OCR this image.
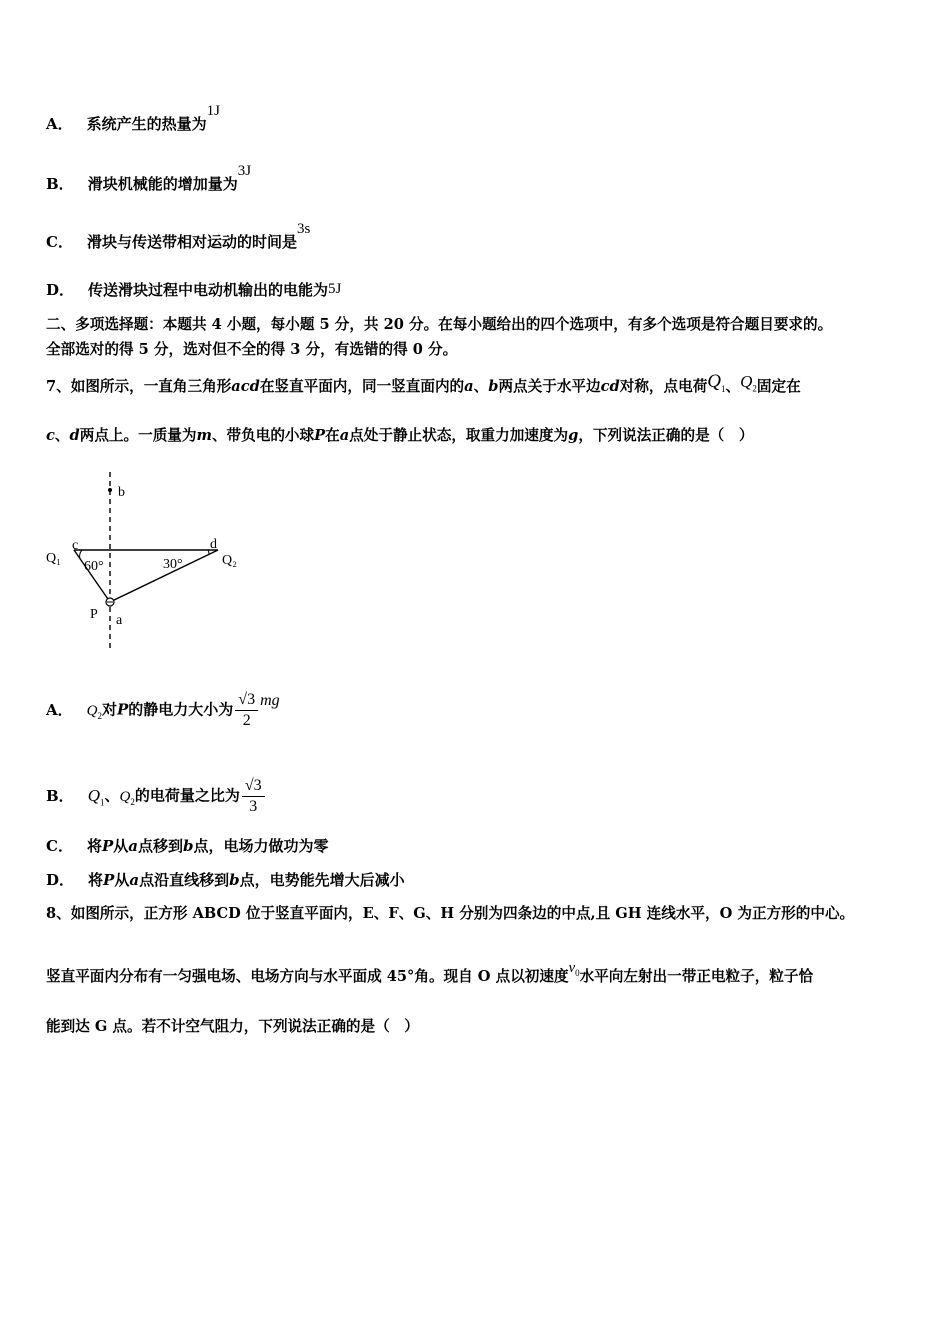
A． 系统产生的热量为1J
B． 滑块机械能的增加量为3J
C． 滑块与传送带相对运动的时间是3s
D． 传送滑块过程中电动机输出的电能为5J
二、多项选择题：本题共 4 小题，每小题 5 分，共 20 分。在每小题给出的四个选项中，有多个选项是符合题目要求的。
全部选对的得 5 分，选对但不全的得 3 分，有选错的得 0 分。
7、如图所示，一直角三角形acd在竖直平面内，同一竖直面内的a、b两点关于水平边cd对称，点电荷$Q_1$、$Q_2$固定在
c、d两点上。一质量为m、带负电的小球P在a点处于静止状态，取重力加速度为g，下列说法正确的是（　）
b
c	d
Q₁	Q₂
60°	30°
P a
A． $Q_2$对P的静电力大小为 $\frac{√3}{2}$ mg
B． $Q_1$、$Q_2$的电荷量之比为 $\frac{√3}{3}$
C． 将P从a点移到b点，电场力做功为零
D． 将P从a点沿直线移到b点，电势能先增大后减小
8、如图所示，正方形 ABCD 位于竖直平面内，E、F、G、H 分别为四条边的中点,且 GH 连线水平，O 为正方形的中心。
竖直平面内分布有一匀强电场、电场方向与水平面成 45°角。现自 O 点以初速度$v_0$水平向左射出一带正电粒子，粒子恰
能到达 G 点。若不计空气阻力，下列说法正确的是（　）
